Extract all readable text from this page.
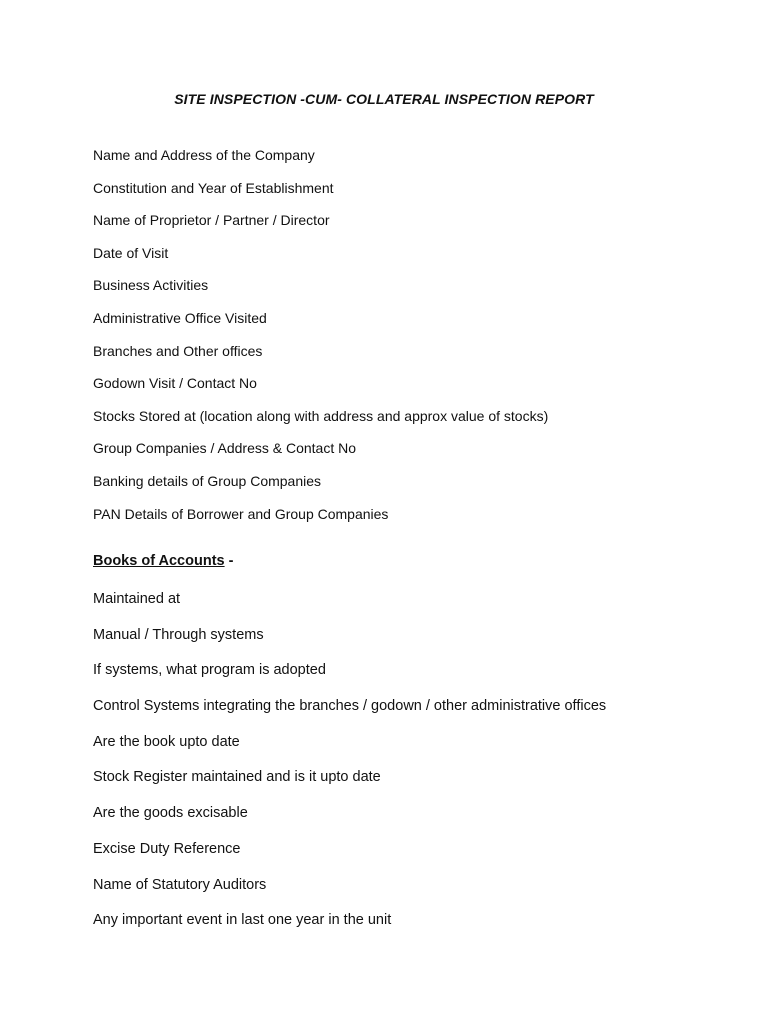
SITE INSPECTION -CUM- COLLATERAL INSPECTION REPORT
Name and Address of the Company
Constitution and Year of Establishment
Name of Proprietor / Partner / Director
Date of Visit
Business Activities
Administrative Office Visited
Branches and Other offices
Godown Visit / Contact No
Stocks Stored at (location along with address and approx value of stocks)
Group Companies / Address & Contact No
Banking details of Group Companies
PAN Details of Borrower and Group Companies
Books of Accounts -
Maintained at
Manual / Through systems
If systems, what program is adopted
Control Systems integrating the branches / godown / other administrative offices
Are the book upto date
Stock Register maintained and is it upto date
Are the goods excisable
Excise Duty Reference
Name of Statutory Auditors
Any important event in last one year in the unit
